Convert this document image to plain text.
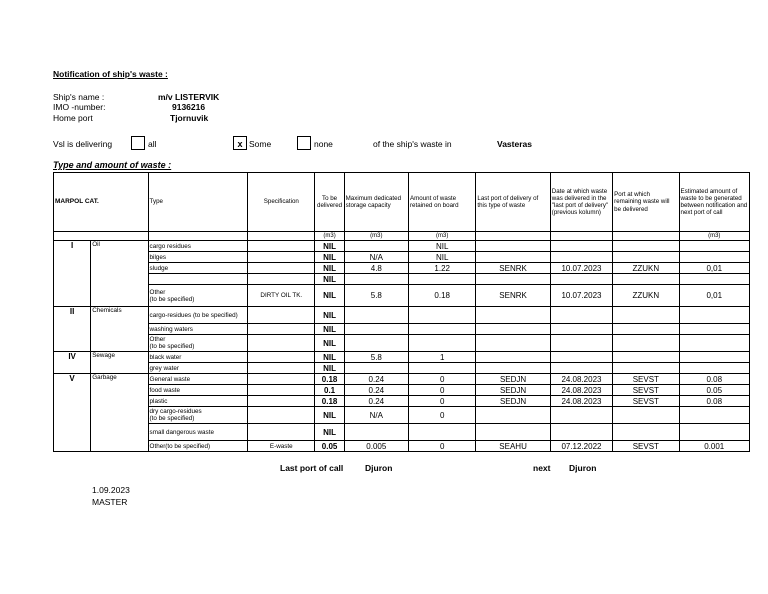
Notification of ship's waste :
Ship's name :	m/v LISTERVIK
IMO -number:	9136216
Home port	Tjornuvik
Vsl is delivering	all	x Some	none	of the ship's waste in	Vasteras
Type and amount of waste :
MARPOL CAT.		Type	Specification	To be delivered	Maximum dedicated storage capacity	Amount of waste retained on board	Last port of delivery of this type of waste	Date at which waste was delivered in the "last port of delivery" (previous kolumn)	Port at which remaining waste will be delivered	Estimated amount of waste to be generated between notification and next port of call
				(m3)	(m3)	(m3)				(m3)
I	Oil	cargo residues		NIL		NIL				
		bilges		NIL	N/A	NIL				
		sludge		NIL	4.8	1.22	SENRK	10.07.2023	ZZUKN	0,01
				NIL						
		Other
(to be specified)	DIRTY OIL TK.	NIL	5.8	0.18	SENRK	10.07.2023	ZZUKN	0,01
II	Chemicals	cargo-residues (to be specified)		NIL						
		washing waters		NIL						
		Other
(to be specified)		NIL						
IV	Sewage	black water		NIL	5.8	1				
		grey water		NIL						
V	Garbage	General waste		0.18	0.24	0	SEDJN	24.08.2023	SEVST	0.08
		food waste		0.1	0.24	0	SEDJN	24.08.2023	SEVST	0.05
		plastic		0.18	0.24	0	SEDJN	24.08.2023	SEVST	0.08
		dry cargo-residues
(to be specified)		NIL	N/A	0				
		small dangerous waste		NIL						
		Other(to be specified)	E-waste	0.05	0.005	0	SEAHU	07.12.2022	SEVST	0.001
Last port of call	Djuron	next Djuron
1.09.2023
MASTER
